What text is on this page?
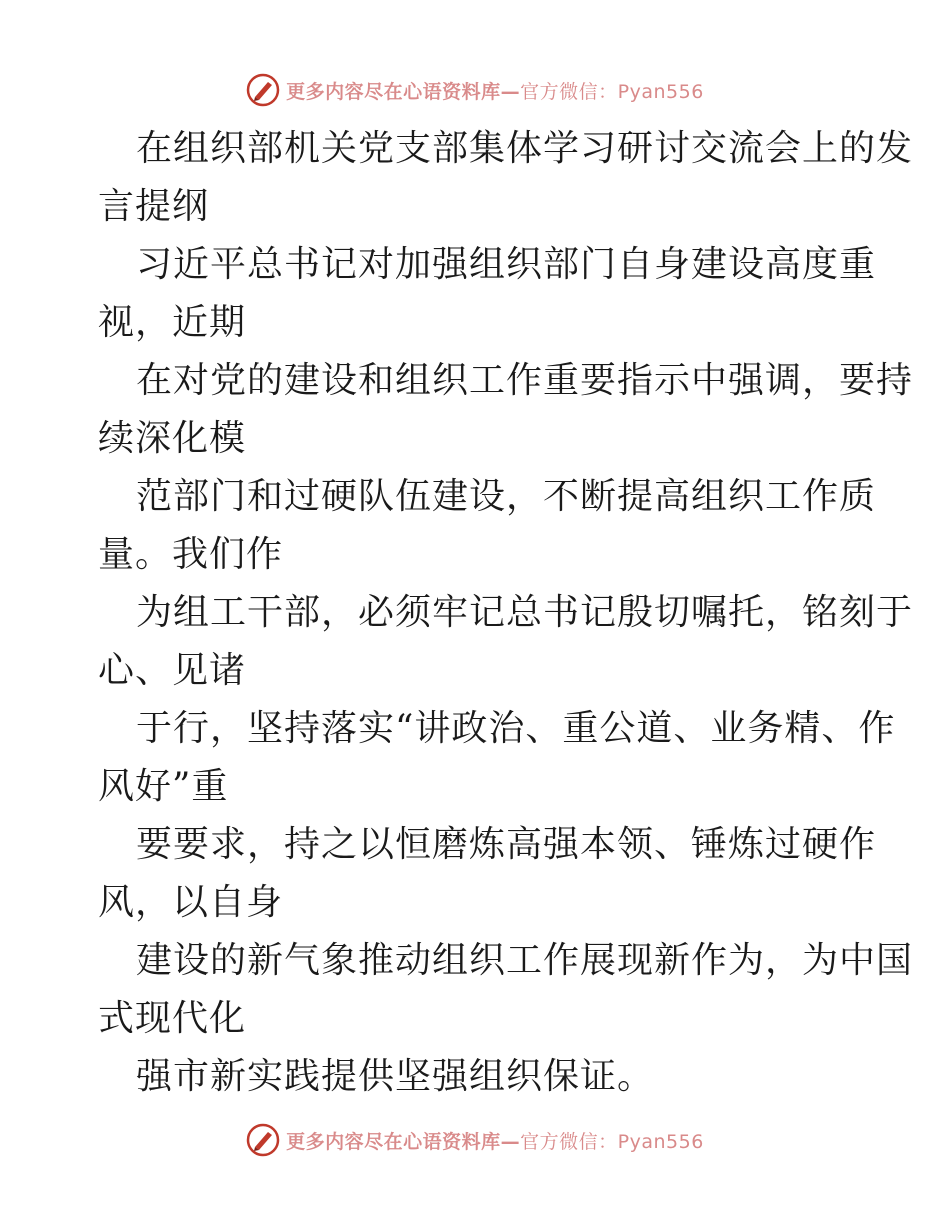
更多内容尽在心语资料库— 官方微信：Pyan556

在组织部机关党支部集体学习研讨交流会上的发
言提纲

习近平总书记对加强组织部门自身建设高度重
视，近期

在对党的建设和组织工作重要指示中强调，要持
续深化模

范部门和过硬队伍建设，不断提高组织工作质
量。我们作

为组工干部，必须牢记总书记殷切嘱托，铭刻于
心、见诸

于行，坚持落实“讲政治、重公道、业务精、作
风好”重

要要求，持之以恒磨炼高强本领、锤炼过硬作
风，以自身

建设的新气象推动组织工作展现新作为，为中国
式现代化

强市新实践提供坚强组织保证。

更多内容尽在心语资料库— 官方微信：Pyan556
